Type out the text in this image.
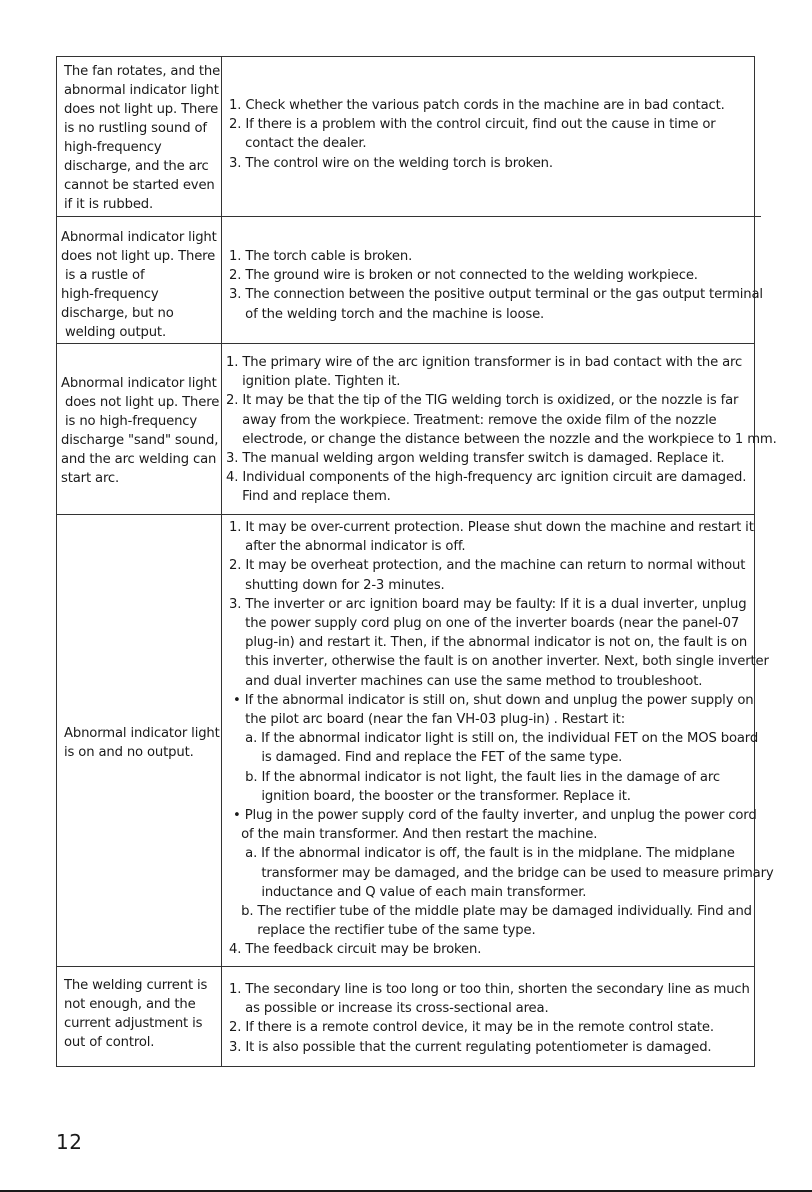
The fan rotates, and the
abnormal indicator light
does not light up. There
is no rustling sound of
high-frequency
discharge, and the arc
cannot be started even
if it is rubbed.
1. Check whether the various patch cords in the machine are in bad contact.
2. If there is a problem with the control circuit, find out the cause in time or
contact the dealer.
3. The control wire on the welding torch is broken.
Abnormal indicator light
does not light up. There
is a rustle of
high-frequency
discharge, but no
welding output.
1. The torch cable is broken.
2. The ground wire is broken or not connected to the welding workpiece.
3. The connection between the positive output terminal or the gas output terminal
of the welding torch and the machine is loose.
Abnormal indicator light
does not light up. There
is no high-frequency
discharge "sand" sound,
and the arc welding can
start arc.
1. The primary wire of the arc ignition transformer is in bad contact with the arc
ignition plate. Tighten it.
2. It may be that the tip of the TIG welding torch is oxidized, or the nozzle is far
away from the workpiece. Treatment: remove the oxide film of the nozzle
electrode, or change the distance between the nozzle and the workpiece to 1 mm.
3. The manual welding argon welding transfer switch is damaged. Replace it.
4. Individual components of the high-frequency arc ignition circuit are damaged.
Find and replace them.
Abnormal indicator light
is on and no output.
1. It may be over-current protection. Please shut down the machine and restart it
after the abnormal indicator is off.
2. It may be overheat protection, and the machine can return to normal without
shutting down for 2-3 minutes.
3. The inverter or arc ignition board may be faulty: If it is a dual inverter, unplug
the power supply cord plug on one of the inverter boards (near the panel-07
plug-in) and restart it. Then, if the abnormal indicator is not on, the fault is on
this inverter, otherwise the fault is on another inverter. Next, both single inverter
and dual inverter machines can use the same method to troubleshoot.
• If the abnormal indicator is still on, shut down and unplug the power supply on
the pilot arc board (near the fan VH-03 plug-in) . Restart it:
a. If the abnormal indicator light is still on, the individual FET on the MOS board
is damaged. Find and replace the FET of the same type.
b. If the abnormal indicator is not light, the fault lies in the damage of arc
ignition board, the booster or the transformer. Replace it.
• Plug in the power supply cord of the faulty inverter, and unplug the power cord
of the main transformer. And then restart the machine.
a. If the abnormal indicator is off, the fault is in the midplane. The midplane
transformer may be damaged, and the bridge can be used to measure primary
inductance and Q value of each main transformer.
b. The rectifier tube of the middle plate may be damaged individually. Find and
replace the rectifier tube of the same type.
4. The feedback circuit may be broken.
The welding current is
not enough, and the
current adjustment is
out of control.
1. The secondary line is too long or too thin, shorten the secondary line as much
as possible or increase its cross-sectional area.
2. If there is a remote control device, it may be in the remote control state.
3. It is also possible that the current regulating potentiometer is damaged.
12
